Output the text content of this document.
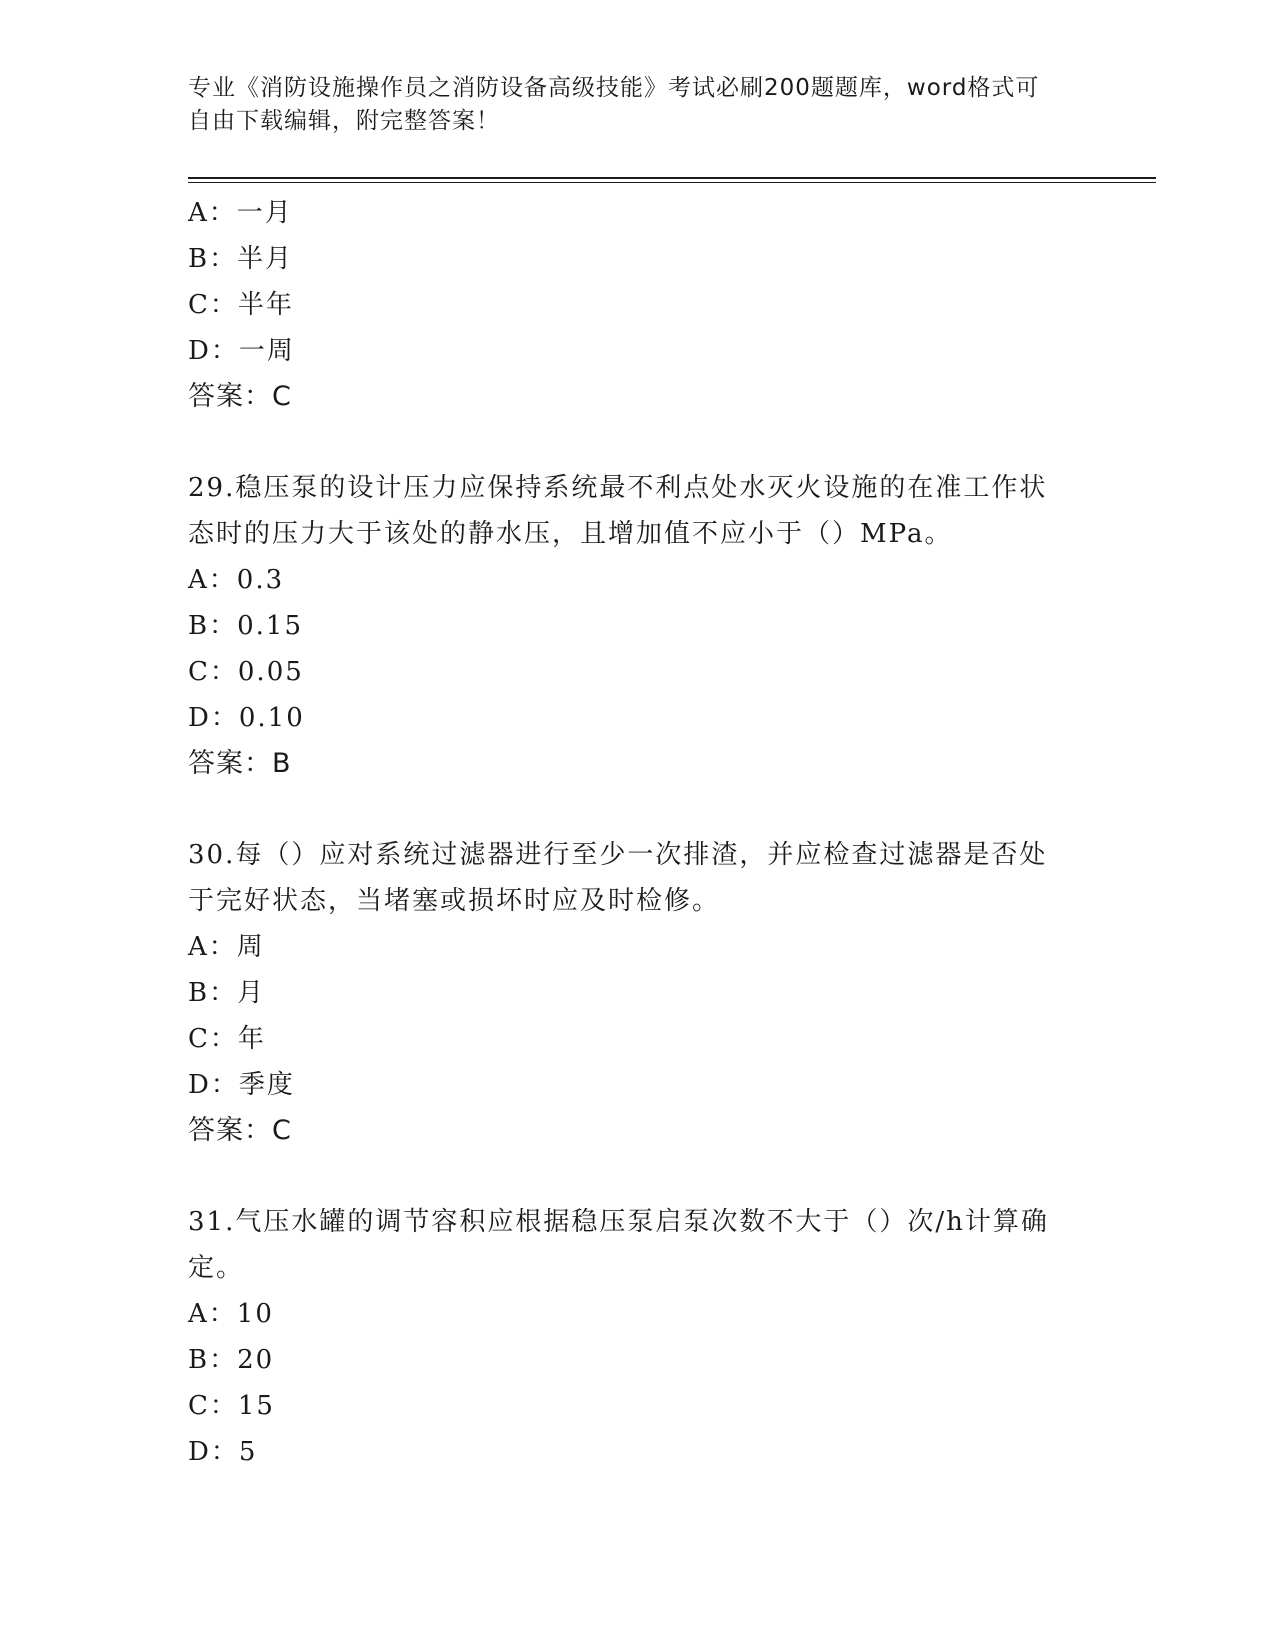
专业《消防设施操作员之消防设备高级技能》考试必刷200题题库，word格式可
自由下载编辑，附完整答案！
A：一月
B：半月
C：半年
D：一周
答案：C
29.稳压泵的设计压力应保持系统最不利点处水灭火设施的在准工作状
态时的压力大于该处的静水压，且增加值不应小于（）MPa。
A：0.3
B：0.15
C：0.05
D：0.10
答案：B
30.每（）应对系统过滤器进行至少一次排渣，并应检查过滤器是否处
于完好状态，当堵塞或损坏时应及时检修。
A：周
B：月
C：年
D：季度
答案：C
31.气压水罐的调节容积应根据稳压泵启泵次数不大于（）次/h计算确
定。
A：10
B：20
C：15
D：5
